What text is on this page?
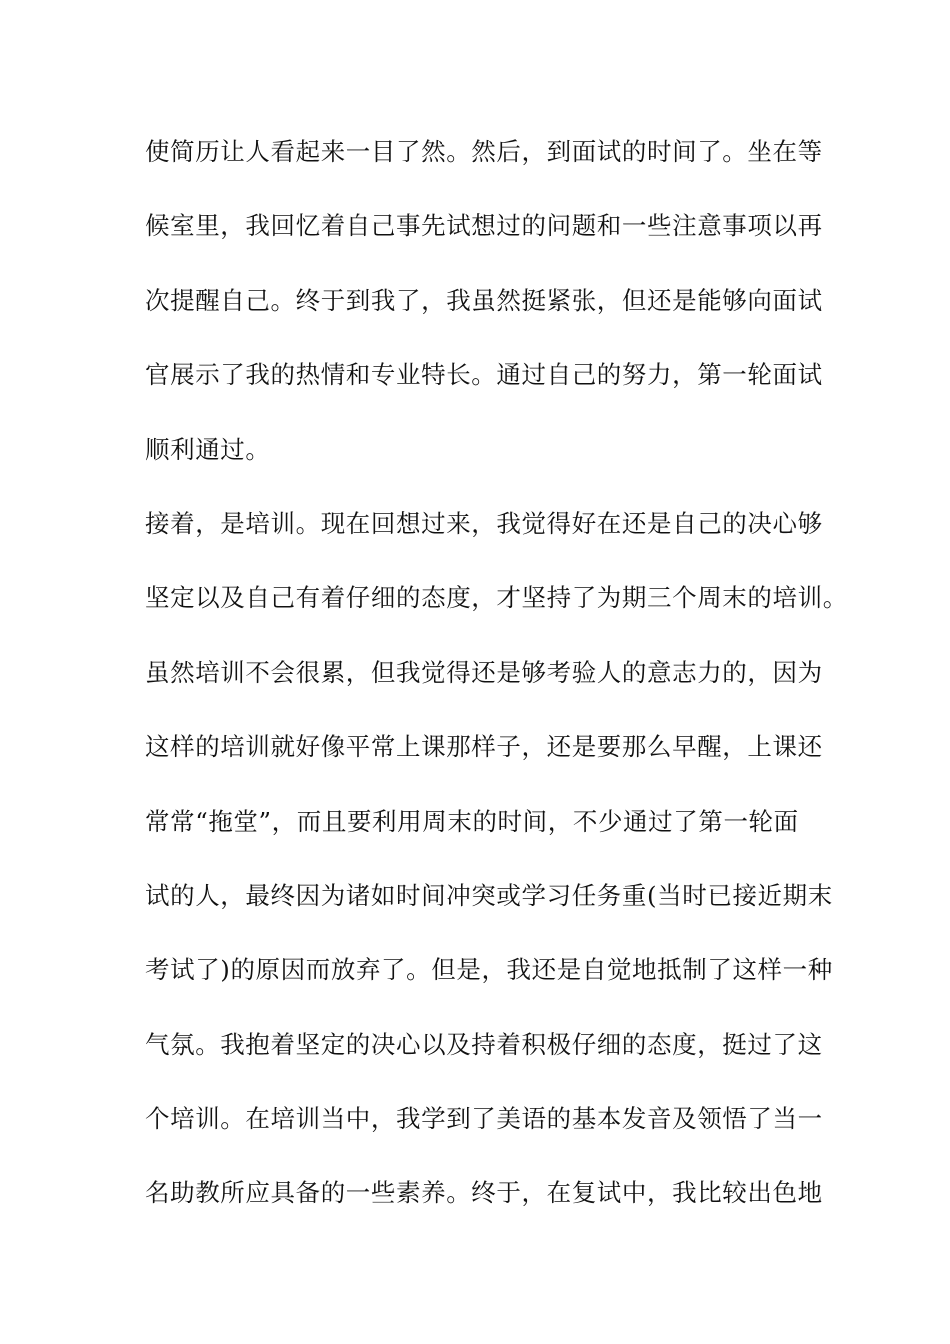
使简历让人看起来一目了然。然后，到面试的时间了。坐在等
候室里，我回忆着自己事先试想过的问题和一些注意事项以再
次提醒自己。终于到我了，我虽然挺紧张，但还是能够向面试
官展示了我的热情和专业特长。通过自己的努力，第一轮面试
顺利通过。
接着，是培训。现在回想过来，我觉得好在还是自己的决心够
坚定以及自己有着仔细的态度，才坚持了为期三个周末的培训。
虽然培训不会很累，但我觉得还是够考验人的意志力的，因为
这样的培训就好像平常上课那样子，还是要那么早醒，上课还
常常“拖堂”，而且要利用周末的时间，不少通过了第一轮面
试的人，最终因为诸如时间冲突或学习任务重(当时已接近期末
考试了)的原因而放弃了。但是，我还是自觉地抵制了这样一种
气氛。我抱着坚定的决心以及持着积极仔细的态度，挺过了这
个培训。在培训当中，我学到了美语的基本发音及领悟了当一
名助教所应具备的一些素养。终于，在复试中，我比较出色地
